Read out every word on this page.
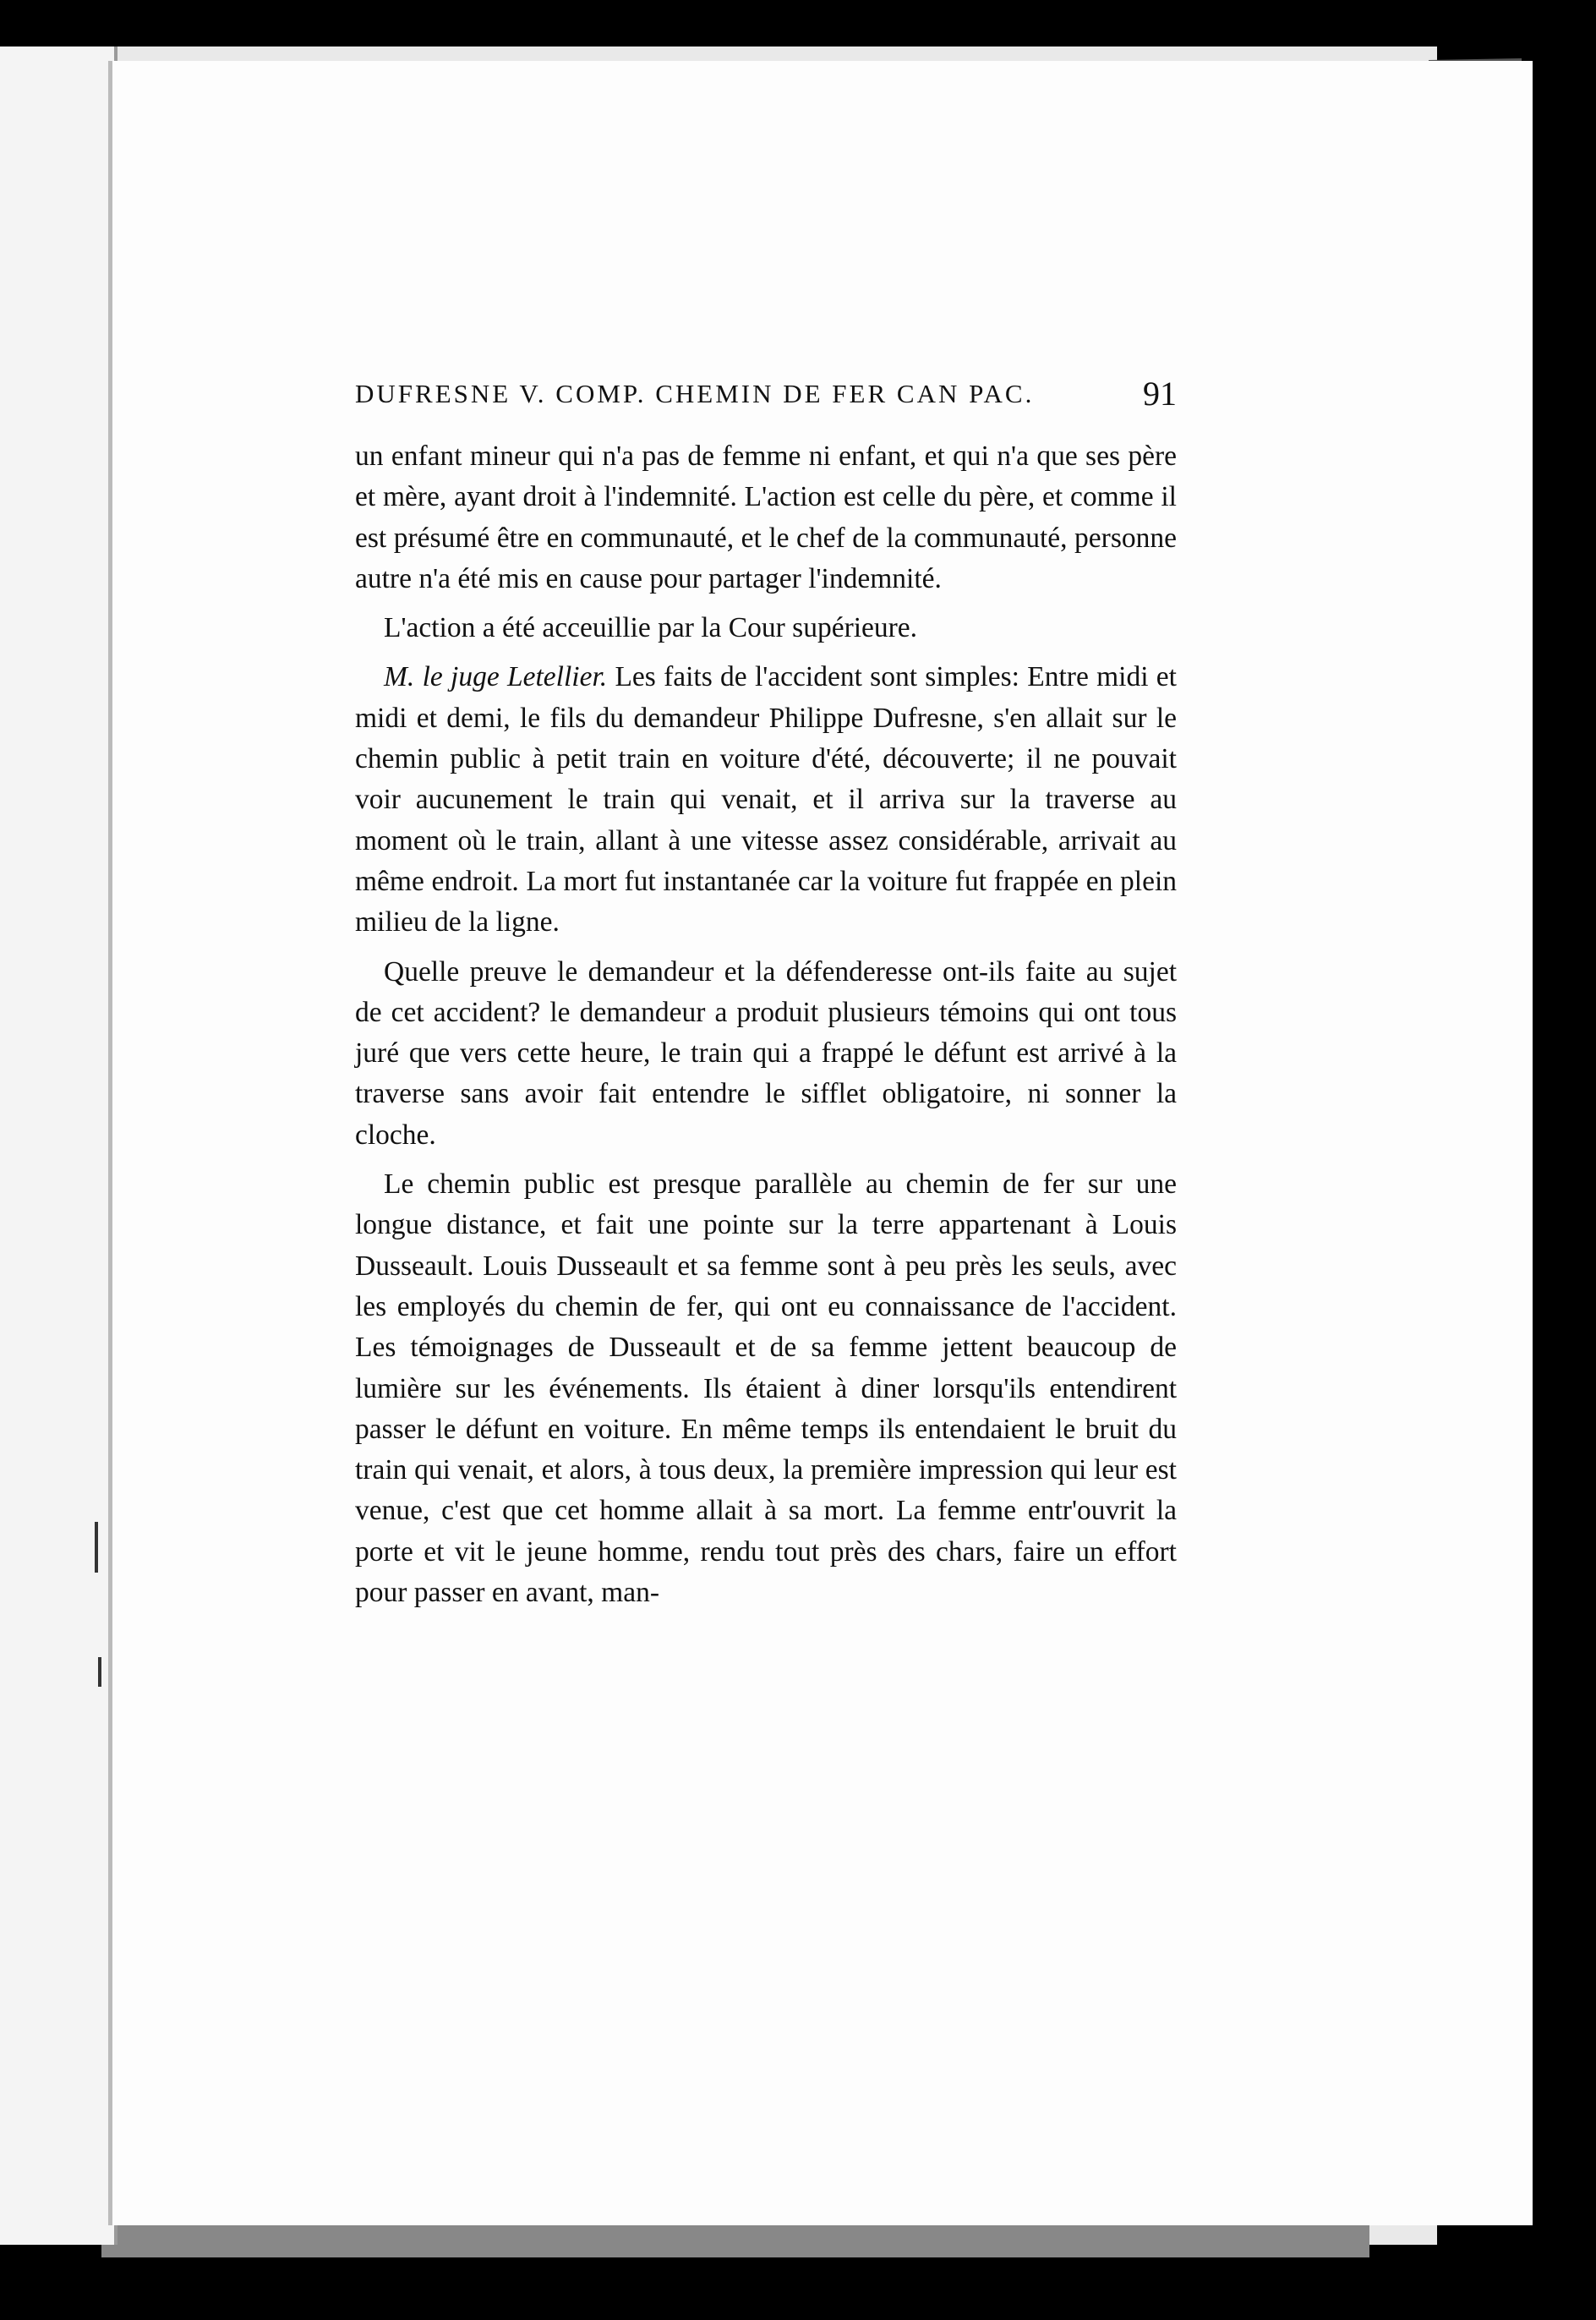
DUFRESNE V. COMP. CHEMIN DE FER CAN PAC.	91

un enfant mineur qui n'a pas de femme ni enfant, et qui n'a que ses père et mère, ayant droit à l'indemnité. L'action est celle du père, et comme il est présumé être en communauté, et le chef de la communauté, personne autre n'a été mis en cause pour partager l'indemnité.

L'action a été acceuillie par la Cour supérieure.

M. le juge Letellier. Les faits de l'accident sont simples: Entre midi et midi et demi, le fils du demandeur Philippe Dufresne, s'en allait sur le chemin public à petit train en voiture d'été, découverte; il ne pouvait voir aucunement le train qui venait, et il arriva sur la traverse au moment où le train, allant à une vitesse assez considérable, arrivait au même endroit. La mort fut instantanée car la voiture fut frappée en plein milieu de la ligne.

Quelle preuve le demandeur et la défenderesse ont-ils faite au sujet de cet accident? le demandeur a produit plusieurs témoins qui ont tous juré que vers cette heure, le train qui a frappé le défunt est arrivé à la traverse sans avoir fait entendre le sifflet obligatoire, ni sonner la cloche.

Le chemin public est presque parallèle au chemin de fer sur une longue distance, et fait une pointe sur la terre appartenant à Louis Dusseault. Louis Dusseault et sa femme sont à peu près les seuls, avec les employés du chemin de fer, qui ont eu connaissance de l'accident. Les témoignages de Dusseault et de sa femme jettent beaucoup de lumière sur les événements. Ils étaient à diner lorsqu'ils entendirent passer le défunt en voiture. En même temps ils entendaient le bruit du train qui venait, et alors, à tous deux, la première impression qui leur est venue, c'est que cet homme allait à sa mort. La femme entr'ouvrit la porte et vit le jeune homme, rendu tout près des chars, faire un effort pour passer en avant, man-
